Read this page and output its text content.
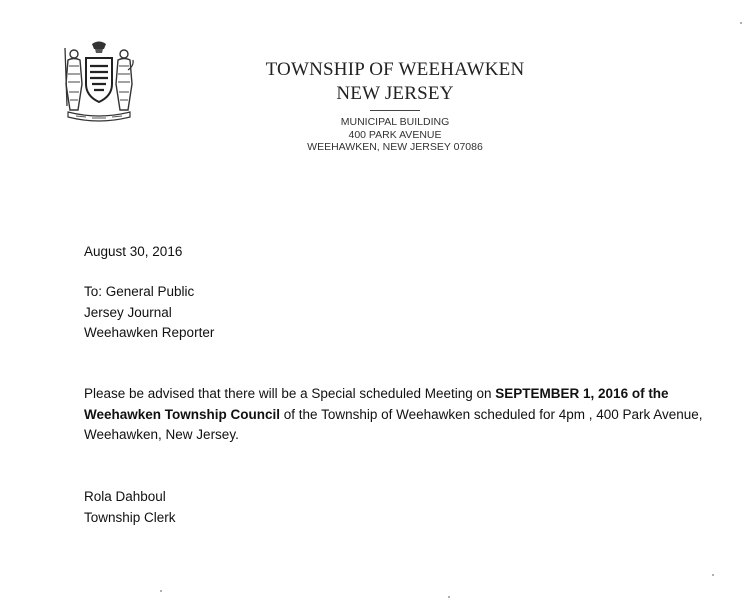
TOWNSHIP OF WEEHAWKEN
NEW JERSEY
MUNICIPAL BUILDING
400 PARK AVENUE
WEEHAWKEN, NEW JERSEY 07086
August 30, 2016
To: General Public
Jersey Journal
Weehawken Reporter
Please be advised that there will be a Special scheduled Meeting on SEPTEMBER 1, 2016 of the
Weehawken Township Council of the Township of Weehawken scheduled for 4pm , 400 Park Avenue,
Weehawken, New Jersey.
Rola Dahboul
Township Clerk
